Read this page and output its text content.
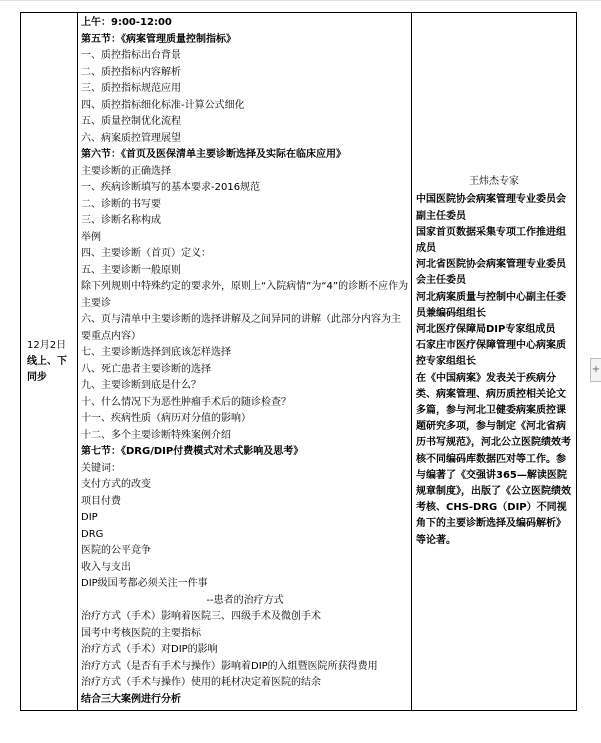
12月2日
线上、下
同步

上午：9:00-12:00
第五节：《病案管理质量控制指标》
一、质控指标出台背景
二、质控指标内容解析
三、质控指标规范应用
四、质控指标细化标准-计算公式细化
五、质量控制优化流程
六、病案质控管理展望
第六节：《首页及医保清单主要诊断选择及实际在临床应用》
主要诊断的正确选择
一、疾病诊断填写的基本要求-2016规范
二、诊断的书写要
三、诊断名称构成
举例
四、主要诊断（首页）定义：
五、主要诊断一般原则
除下列规则中特殊约定的要求外，原则上“入院病情”为“4”的诊断不应作为主要诊
六、页与清单中主要诊断的选择讲解及之间异同的讲解（此部分内容为主要重点内容）
七、主要诊断选择到底该怎样选择
八、死亡患者主要诊断的选择
九、主要诊断到底是什么？
十、什么情况下为恶性肿瘤手术后的随诊检查？
十一、疾病性质（病历对分值的影响）
十二、多个主要诊断特殊案例介绍
第七节：《DRG/DIP付费模式对术式影响及思考》
关键词：
支付方式的改变
项目付费
DIP
DRG
医院的公平竞争
收入与支出
DIP级国考都必须关注一件事
--患者的治疗方式
治疗方式（手术）影响着医院三、四级手术及微创手术
国考中考核医院的主要指标
治疗方式（手术）对DIP的影响
治疗方式（是否有手术与操作）影响着DIP的入组暨医院所获得费用
治疗方式（手术与操作）使用的耗材决定着医院的结余
结合三大案例进行分析

王炜杰专家
中国医院协会病案管理专业委员会副主任委员
国家首页数据采集专项工作推进组成员
河北省医院协会病案管理专业委员会主任委员
河北病案质量与控制中心副主任委员兼编码组组长
河北医疗保障局DIP专家组成员
石家庄市医疗保障管理中心病案质控专家组组长
在《中国病案》发表关于疾病分类、病案管理、病历质控相关论文多篇，参与河北卫健委病案质控课题研究多项，参与制定《河北省病历书写规范》，河北公立医院绩效考核不同编码库数据匹对等工作。参与编著了《交强讲365—解读医院规章制度》，出版了《公立医院绩效考核、CHS-DRG（DIP）不同视角下的主要诊断选择及编码解析》等论著。

+
